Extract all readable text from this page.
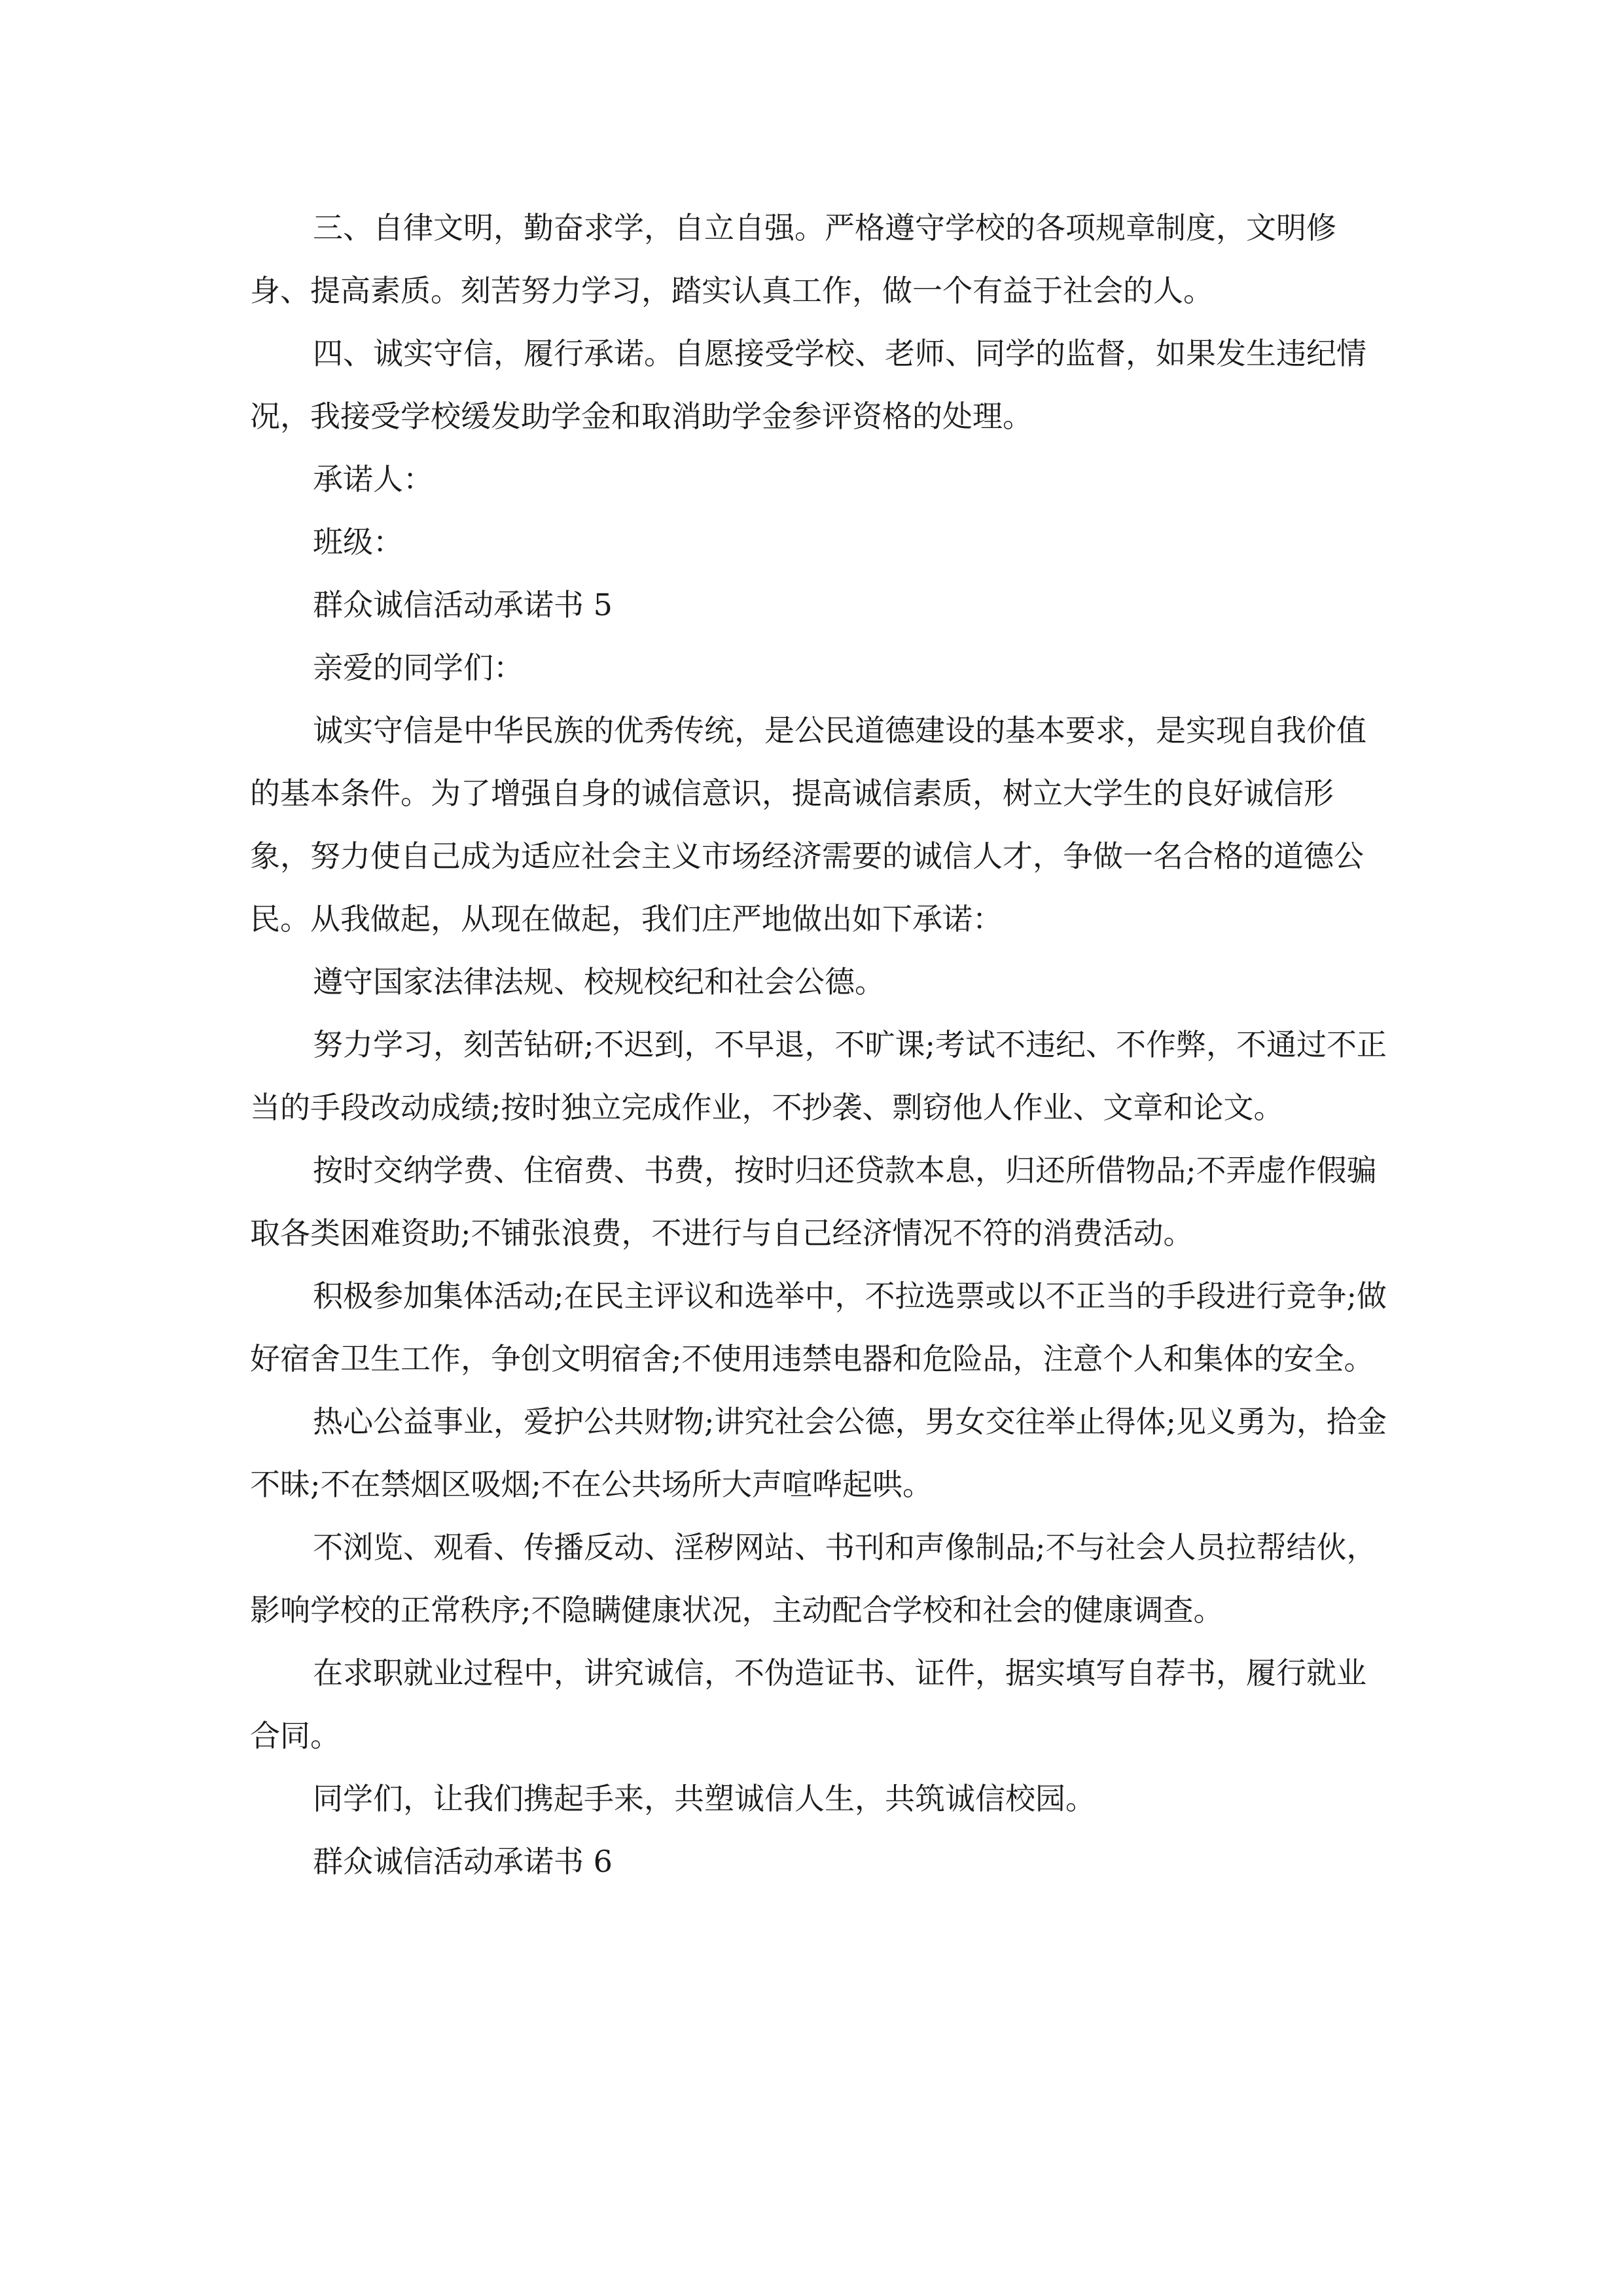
三、自律文明，勤奋求学，自立自强。严格遵守学校的各项规章制度，文明修身、提高素质。刻苦努力学习，踏实认真工作，做一个有益于社会的人。

四、诚实守信，履行承诺。自愿接受学校、老师、同学的监督，如果发生违纪情况，我接受学校缓发助学金和取消助学金参评资格的处理。

承诺人：

班级：

群众诚信活动承诺书 5

亲爱的同学们：

诚实守信是中华民族的优秀传统，是公民道德建设的基本要求，是实现自我价值的基本条件。为了增强自身的诚信意识，提高诚信素质，树立大学生的良好诚信形象，努力使自己成为适应社会主义市场经济需要的诚信人才，争做一名合格的道德公民。从我做起，从现在做起，我们庄严地做出如下承诺：

遵守国家法律法规、校规校纪和社会公德。

努力学习，刻苦钻研;不迟到，不早退，不旷课;考试不违纪、不作弊，不通过不正当的手段改动成绩;按时独立完成作业，不抄袭、剽窃他人作业、文章和论文。

按时交纳学费、住宿费、书费，按时归还贷款本息，归还所借物品;不弄虚作假骗取各类困难资助;不铺张浪费，不进行与自己经济情况不符的消费活动。

积极参加集体活动;在民主评议和选举中，不拉选票或以不正当的手段进行竞争;做好宿舍卫生工作，争创文明宿舍;不使用违禁电器和危险品，注意个人和集体的安全。

热心公益事业，爱护公共财物;讲究社会公德，男女交往举止得体;见义勇为，拾金不昧;不在禁烟区吸烟;不在公共场所大声喧哗起哄。

不浏览、观看、传播反动、淫秽网站、书刊和声像制品;不与社会人员拉帮结伙，影响学校的正常秩序;不隐瞒健康状况，主动配合学校和社会的健康调查。

在求职就业过程中，讲究诚信，不伪造证书、证件，据实填写自荐书，履行就业合同。

同学们，让我们携起手来，共塑诚信人生，共筑诚信校园。

群众诚信活动承诺书 6
